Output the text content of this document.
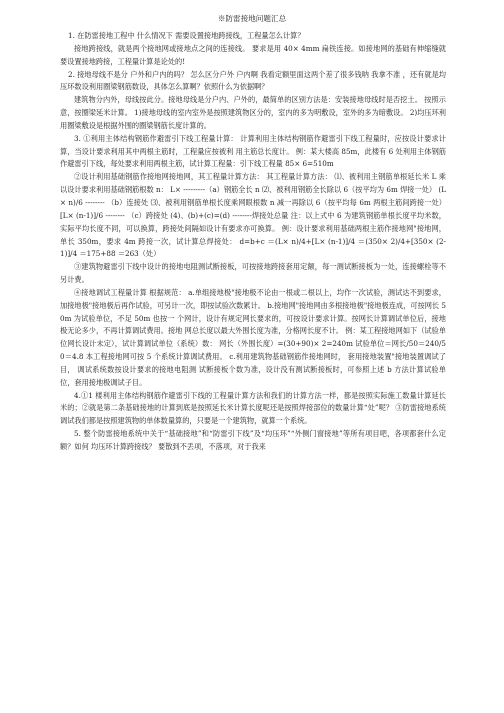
※防雷接地问题汇总

1. 在防雷接地工程中 什么情况下 需要设置接地跨接线，工程量怎么计算？

接地跨接线，就是两个接地网或接地点之间的连接线。 要求是用 40× 4mm 扁铁连接。如接地网的基础有伸缩缝就要设置接地跨接，工程量计算是论处的!

2. 接地母线不是分 户外和户内的吗？ 怎么区分户外 户内啊 我看定额里面这两个差了很多钱呐 我拿不准 ，还有就是均压环数设利用圈梁钢筋数设，具体怎么算啊？依照什么为依据啊？

建筑物分内外，母线按此分。接地母线是分户内、户外的，最简单的区别方法是：安装接地母线时是否挖土。 按照示意，按圈梁延米计算。 1)接地母线的室内室外是按照建筑物区分的，室内的多为明敷设，室外的多为暗敷设。 2)均压环利用圈梁敷设是根据外围的圈梁钢筋长度计算的。

3. ①利用主体结构钢筋作避雷引下线工程量计算： 计算利用主体结构钢筋作避雷引下线工程量时，应按设计要求计算，当设计要求利用其中两根主筋时，工程量应按被利 用主筋总长度计。 例：某大楼高 85m，此楼有 6 处利用主体钢筋作避雷引下线，每处要求利用两根主筋，试计算工程量：引下线工程量 85× 6=510m

②设计利用基础钢筋作接地网接地网，其工程量计算方法： 其工程量计算方法： ⑴、被利用主钢筋单根延长米 L 乘以设计要求利用基础钢筋根数 n： L× ---------（a）钢筋全长 n ⑵、被利用钢筋全长除以 6（按平均为 6m 焊接一处） (L× n)/6 -------- （b）连接处 ⑶、被利用钢筋单根长度乘网眼根数 n 减一再除以 6（按平均每 6m 两根主筋间跨接一处） [L× (n-1)]/6 -------- （c）跨接处 (4)、(b)+(c)=(d) --------焊接处总量 注：以上式中 6 为建筑钢筋单根长度平均米数，实际平均长度不同，可以换算，跨接处间隔如设计有要求亦可换算。 例：设计要求利用基础两根主筋作接地网"接地网，单长 350m，要求 4m 跨接一次，试计算总焊接处： d=b+c ＝(L× n)/4+[L× (n-1)]/4 ＝(350× 2)/4+[350× (2-1)]/4 ＝175+88 ＝263（处）

③建筑物避雷引下线中设计的接地电阻测试断接板，可按接地跨接套用定额，每一测试断接板为一处，连接螺栓等不 另计费。

④接地调试工程量计算 根据规范： a.单组接地极"接地极不论由一根或二根以上，均作一次试验，测试达不到要求，加接地极"接地极后再作试验，可另计一次，即按试验次数累计。 b.接地网"接地网由多根接地极"接地极连成，可按网长 50m 为试验单位，不足 50m 也按一 个网计，设计有规定网长要求的，可按设计要求计算。按网长计算调试单位后，接地极无论多少，不再计算调试费用。接地 网总长度以最大外围长度为准，分格网长度不计。 例：某工程接地网如下（试验单位网长设计未定），试计算调试单位（系统）数： 网长（外围长度）=(30+90)× 2=240m 试验单位＝网长/50＝240/50＝4.8 本工程接地网可按 5 个系统计算调试费用。 c.利用建筑物基础钢筋作接地网时， 套用接地装置"接地装置调试了目， 调试系统数按设计要求的接地电阻测 试断接板个数为准，设计没有测试断接板时，可参照上述 b 方法计算试验单位，套用接地极调试子目。

4.①1 楼利用主体结构钢筋作避雷引下线的工程量计算方法和我们的计算方法一样，都是按照实际施工数量计算延长米的；②就是第二条基础接地的计算到底是按照延长米计算长度呢还是按照焊接部位的数量计算“处”呢？ ③防雷接地系统调试我们都是按照建筑物的单体数量算的，只要是一个建筑物，就算一个系统。

5. 整个防雷接地系统中关于“基础接地”和“防雷引下线”及“均压环”“外侧门窗接地”等所有项目吧，各项都套什么定额？如何 均压环计算跨接线？ 要散到不丢项，不落项，对于我来
